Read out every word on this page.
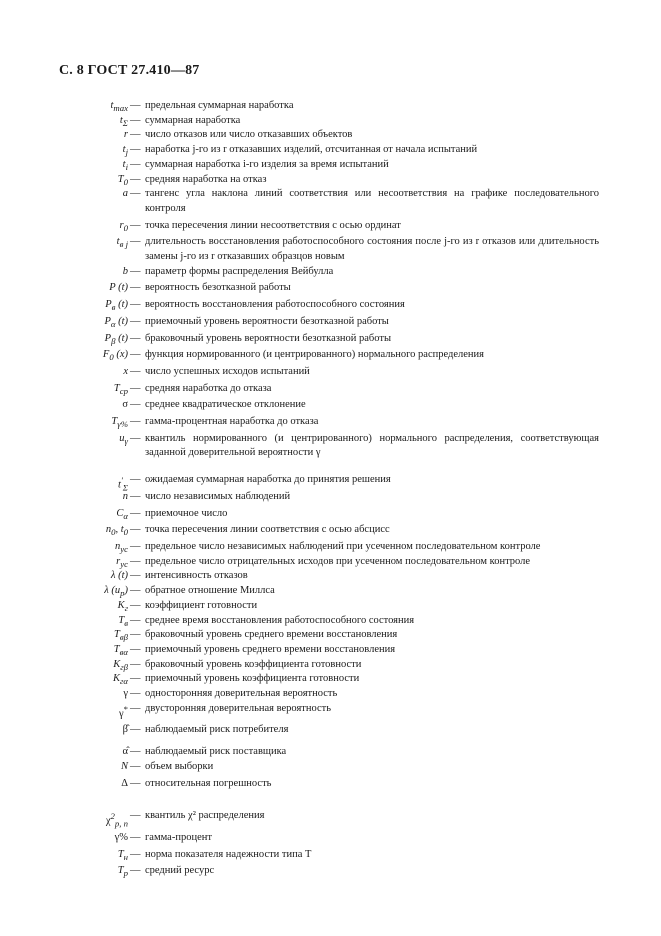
С. 8 ГОСТ 27.410—87
$t_{max}$ — предельная суммарная наработка
$t_\Sigma$ — суммарная наработка
r — число отказов или число отказавших объектов
$t_j$ — наработка j-го из r отказавших изделий, отсчитанная от начала испытаний
$t_i$ — суммарная наработка i-го изделия за время испытаний
$T_0$ — средняя наработка на отказ
a — тангенс угла наклона линий соответствия или несоответствия на графике последовательного контроля
$r_0$ — точка пересечения линии несоответствия с осью ординат
$t_{в j}$ — длительность восстановления работоспособного состояния после j-го из r отказов или длительность замены j-го из r отказавших образцов новым
b — параметр формы распределения Вейбулла
P (t) — вероятность безотказной работы
$P_в$ (t) — вероятность восстановления работоспособного состояния
$P_\alpha$ (t) — приемочный уровень вероятности безотказной работы
$P_\beta$ (t) — браковочный уровень вероятности безотказной работы
$F_0$ (x) — функция нормированного (и центрированного) нормального распределения
x — число успешных исходов испытаний
$T_{ср}$ — средняя наработка до отказа
σ — среднее квадратическое отклонение
$T_{\gamma\%}$ — гамма-процентная наработка до отказа
$u_\gamma$ — квантиль нормированного (и центрированного) нормального распределения, соответствующая заданной доверительной вероятности γ
$t'_\Sigma$
— ожидаемая суммарная наработка до принятия решения
n — число независимых наблюдений
$C_\alpha$ — приемочное число
$n_0$, $t_0$ — точка пересечения линии соответствия с осью абсцисс
$n_{ус}$ — предельное число независимых наблюдений при усеченном последовательном контроле
$r_{ус}$ — предельное число отрицательных исходов при усеченном последовательном контроле
λ (t) — интенсивность отказов
λ $(u_p)$ — обратное отношение Миллса
$K_г$ — коэффициент готовности
$T_в$ — среднее время восстановления работоспособного состояния
$T_{в\beta}$ — браковочный уровень среднего времени восстановления
$T_{в\alpha}$ — приемочный уровень среднего времени восстановления
$K_{г\beta}$ — браковочный уровень коэффициента готовности
$K_{г\alpha}$ — приемочный уровень коэффициента готовности
γ — односторонняя доверительная вероятность
γ* — двусторонняя доверительная вероятность
β̂ — наблюдаемый риск потребителя
α̂ — наблюдаемый риск поставщика
N — объем выборки
Δ — относительная погрешность
$\chi^2_{p, n}$
— квантиль χ² распределения
γ% — гамма-процент
$T_н$ — норма показателя надежности типа Т
$T_р$ — средний ресурс
